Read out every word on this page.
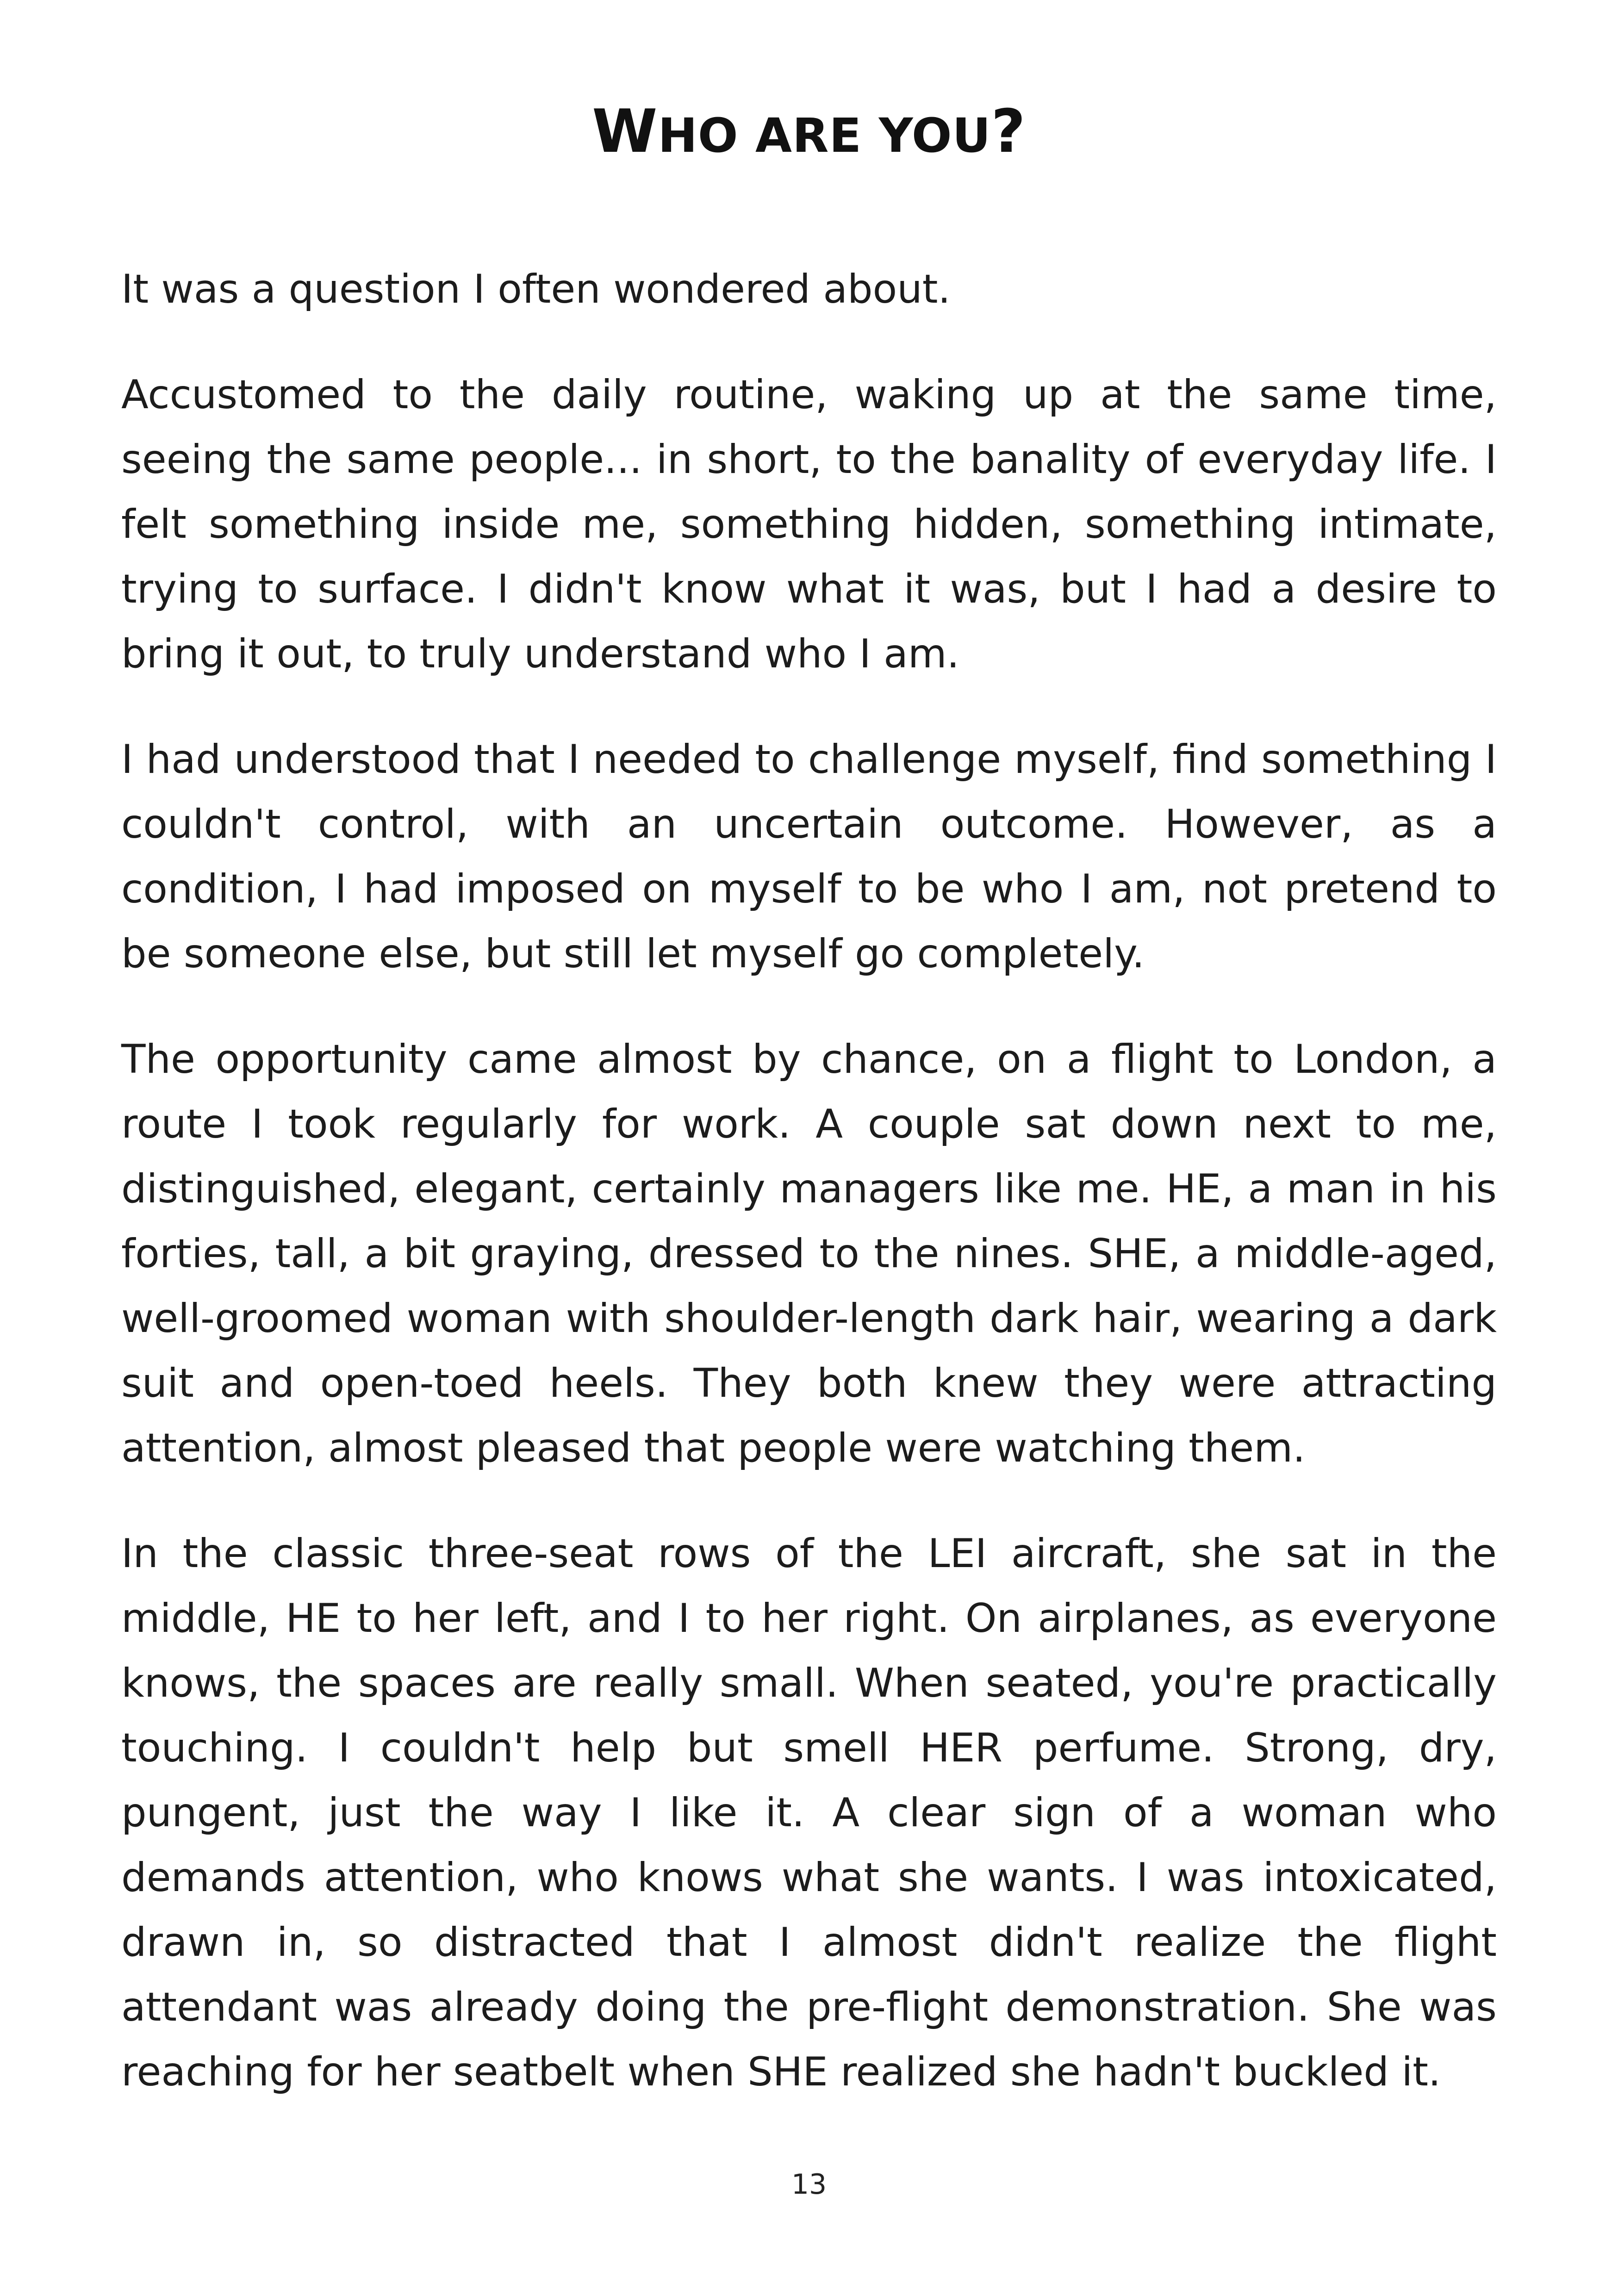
WHO ARE YOU?

It was a question I often wondered about.

Accustomed to the daily routine, waking up at the same time, seeing the same people... in short, to the banality of everyday life. I felt something inside me, something hidden, something intimate, trying to surface. I didn't know what it was, but I had a desire to bring it out, to truly understand who I am.

I had understood that I needed to challenge myself, find something I couldn't control, with an uncertain outcome. However, as a condition, I had imposed on myself to be who I am, not pretend to be someone else, but still let myself go completely.

The opportunity came almost by chance, on a flight to London, a route I took regularly for work. A couple sat down next to me, distinguished, elegant, certainly managers like me. HE, a man in his forties, tall, a bit graying, dressed to the nines. SHE, a middle-aged, well-groomed woman with shoulder-length dark hair, wearing a dark suit and open-toed heels. They both knew they were attracting attention, almost pleased that people were watching them.

In the classic three-seat rows of the LEI aircraft, she sat in the middle, HE to her left, and I to her right. On airplanes, as everyone knows, the spaces are really small. When seated, you're practically touching. I couldn't help but smell HER perfume. Strong, dry, pungent, just the way I like it. A clear sign of a woman who demands attention, who knows what she wants. I was intoxicated, drawn in, so distracted that I almost didn't realize the flight attendant was already doing the pre-flight demonstration. She was reaching for her seatbelt when SHE realized she hadn't buckled it.

13
